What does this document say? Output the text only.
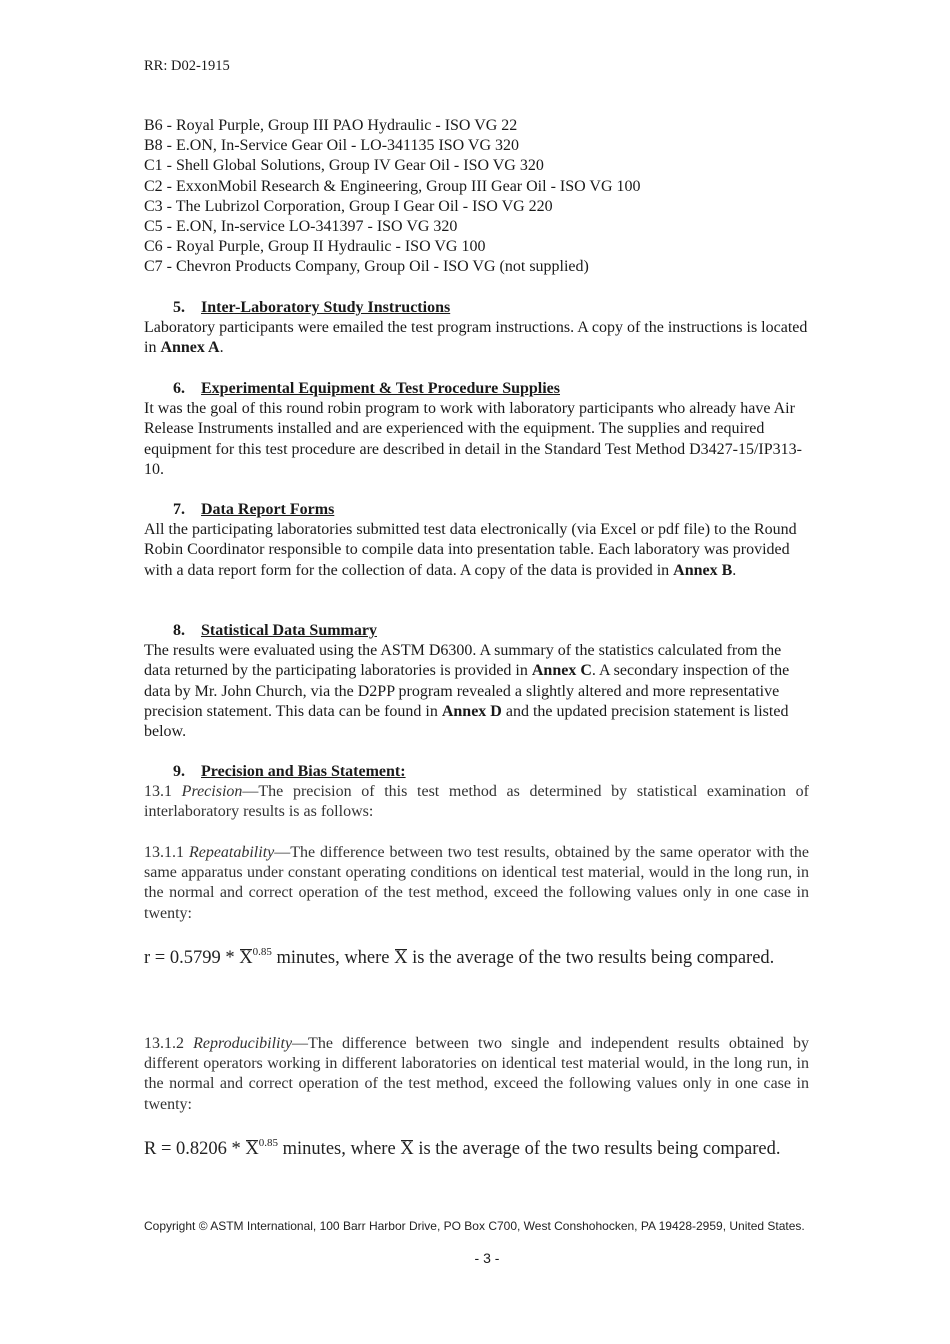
RR: D02-1915
B6 - Royal Purple, Group III PAO Hydraulic - ISO VG 22
B8 - E.ON, In-Service Gear Oil - LO-341135 ISO VG 320
C1 - Shell Global Solutions, Group IV Gear Oil - ISO VG 320
C2 - ExxonMobil Research & Engineering, Group III Gear Oil - ISO VG 100
C3 - The Lubrizol Corporation, Group I Gear Oil - ISO VG 220
C5 - E.ON, In-service LO-341397 - ISO VG 320
C6 - Royal Purple, Group II Hydraulic - ISO VG 100
C7 - Chevron Products Company, Group Oil - ISO VG (not supplied)
5. Inter-Laboratory Study Instructions
Laboratory participants were emailed the test program instructions. A copy of the instructions is located in Annex A.
6. Experimental Equipment & Test Procedure Supplies
It was the goal of this round robin program to work with laboratory participants who already have Air Release Instruments installed and are experienced with the equipment. The supplies and required equipment for this test procedure are described in detail in the Standard Test Method D3427-15/IP313-10.
7. Data Report Forms
All the participating laboratories submitted test data electronically (via Excel or pdf file) to the Round Robin Coordinator responsible to compile data into presentation table. Each laboratory was provided with a data report form for the collection of data. A copy of the data is provided in Annex B.
8. Statistical Data Summary
The results were evaluated using the ASTM D6300. A summary of the statistics calculated from the data returned by the participating laboratories is provided in Annex C. A secondary inspection of the data by Mr. John Church, via the D2PP program revealed a slightly altered and more representative precision statement. This data can be found in Annex D and the updated precision statement is listed below.
9. Precision and Bias Statement:
13.1 Precision—The precision of this test method as determined by statistical examination of interlaboratory results is as follows:
13.1.1 Repeatability—The difference between two test results, obtained by the same operator with the same apparatus under constant operating conditions on identical test material, would in the long run, in the normal and correct operation of the test method, exceed the following values only in one case in twenty:
$r = 0.5799 * X^{0.85}$ minutes, where X is the average of the two results being compared.
13.1.2 Reproducibility—The difference between two single and independent results obtained by different operators working in different laboratories on identical test material would, in the long run, in the normal and correct operation of the test method, exceed the following values only in one case in twenty:
$R = 0.8206 * X^{0.85}$ minutes, where X is the average of the two results being compared.
Copyright © ASTM International, 100 Barr Harbor Drive, PO Box C700, West Conshohocken, PA 19428-2959, United States.
- 3 -
